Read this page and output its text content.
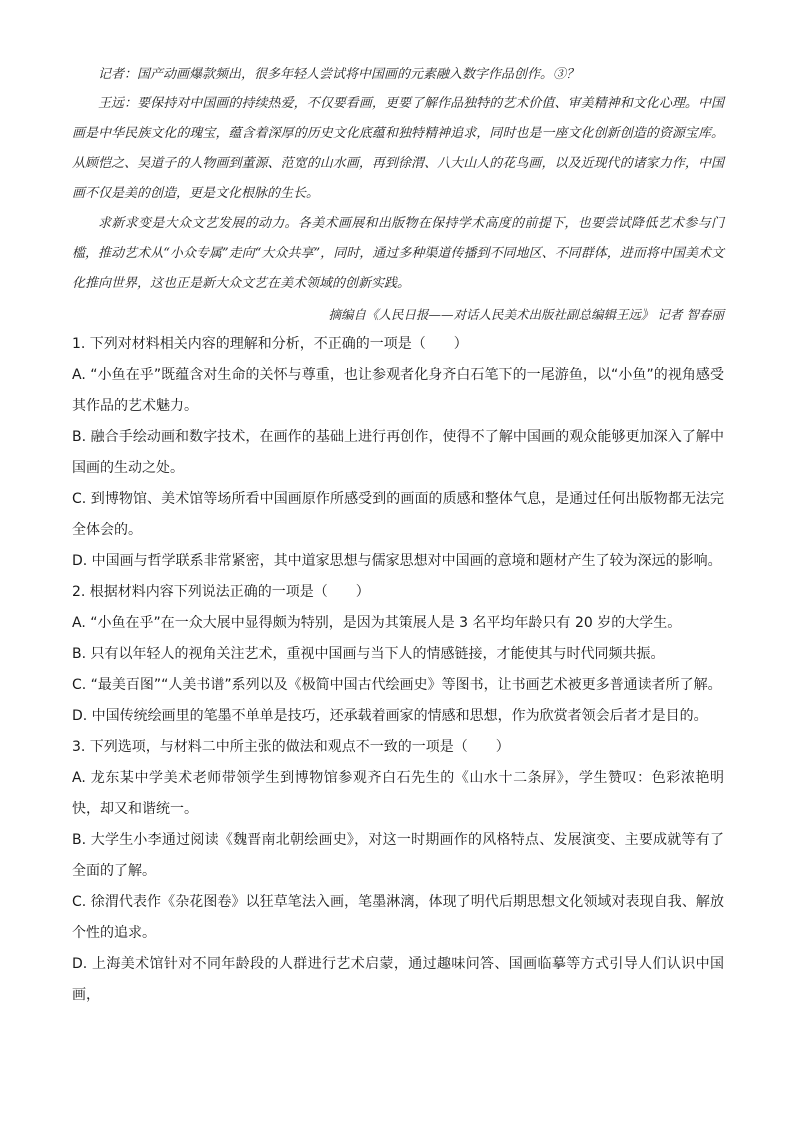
记者：国产动画爆款频出，很多年轻人尝试将中国画的元素融入数字作品创作。③？

王远：要保持对中国画的持续热爱，不仅要看画，更要了解作品独特的艺术价值、审美精神和文化心理。中国画是中华民族文化的瑰宝，蕴含着深厚的历史文化底蕴和独特精神追求，同时也是一座文化创新创造的资源宝库。从顾恺之、吴道子的人物画到董源、范宽的山水画，再到徐渭、八大山人的花鸟画，以及近现代的诸家力作，中国画不仅是美的创造，更是文化根脉的生长。

求新求变是大众文艺发展的动力。各美术画展和出版物在保持学术高度的前提下，也要尝试降低艺术参与门槛，推动艺术从“小众专属”走向“大众共享”，同时，通过多种渠道传播到不同地区、不同群体，进而将中国美术文化推向世界，这也正是新大众文艺在美术领域的创新实践。

摘编自《人民日报——对话人民美术出版社副总编辑王远》 记者 智春丽

1. 下列对材料相关内容的理解和分析，不正确的一项是（　　）

A. “小鱼在乎”既蕴含对生命的关怀与尊重，也让参观者化身齐白石笔下的一尾游鱼，以“小鱼”的视角感受其作品的艺术魅力。

B. 融合手绘动画和数字技术，在画作的基础上进行再创作，使得不了解中国画的观众能够更加深入了解中国画的生动之处。

C. 到博物馆、美术馆等场所看中国画原作所感受到的画面的质感和整体气息，是通过任何出版物都无法完全体会的。

D. 中国画与哲学联系非常紧密，其中道家思想与儒家思想对中国画的意境和题材产生了较为深远的影响。

2. 根据材料内容下列说法正确的一项是（　　）

A. “小鱼在乎”在一众大展中显得颇为特别，是因为其策展人是 3 名平均年龄只有 20 岁的大学生。

B. 只有以年轻人的视角关注艺术，重视中国画与当下人的情感链接，才能使其与时代同频共振。

C. “最美百图”“人美书谱”系列以及《极简中国古代绘画史》等图书，让书画艺术被更多普通读者所了解。

D. 中国传统绘画里的笔墨不单单是技巧，还承载着画家的情感和思想，作为欣赏者领会后者才是目的。

3. 下列选项，与材料二中所主张的做法和观点不一致的一项是（　　）

A. 龙东某中学美术老师带领学生到博物馆参观齐白石先生的《山水十二条屏》，学生赞叹：色彩浓艳明快，却又和谐统一。

B. 大学生小李通过阅读《魏晋南北朝绘画史》，对这一时期画作的风格特点、发展演变、主要成就等有了全面的了解。

C. 徐渭代表作《杂花图卷》以狂草笔法入画，笔墨淋漓，体现了明代后期思想文化领域对表现自我、解放个性的追求。

D. 上海美术馆针对不同年龄段的人群进行艺术启蒙，通过趣味问答、国画临摹等方式引导人们认识中国画，
